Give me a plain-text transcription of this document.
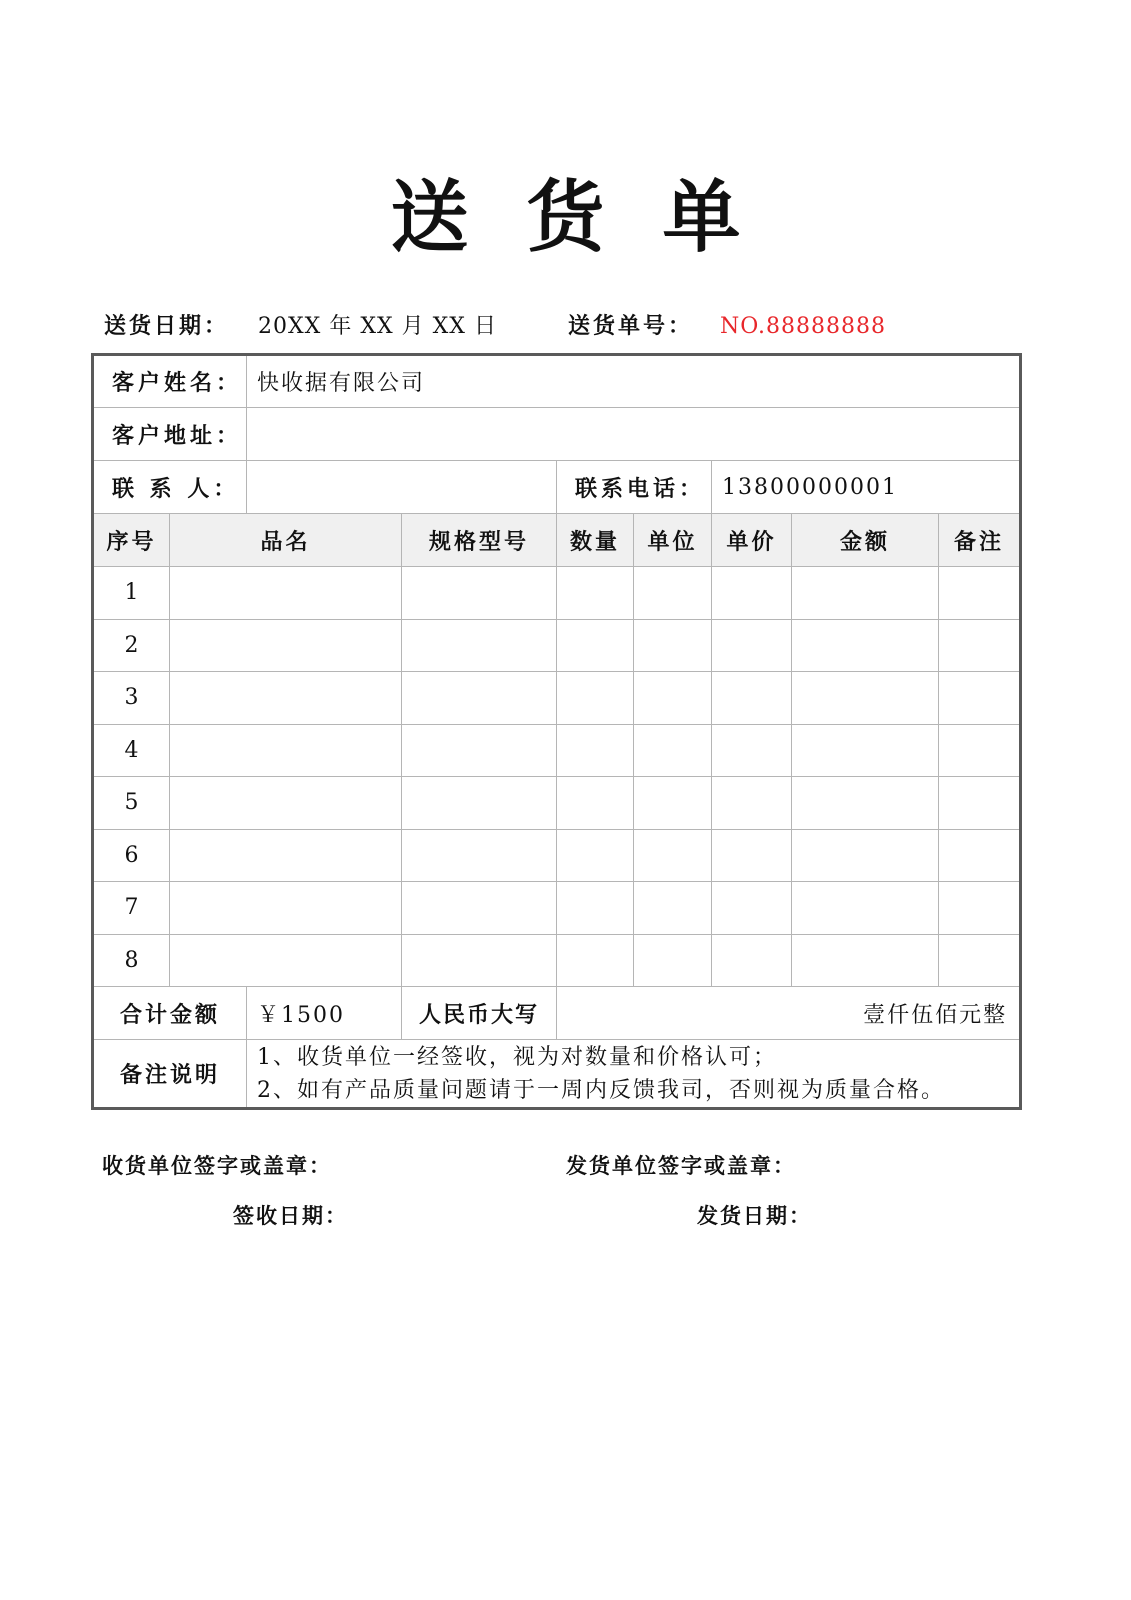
送货单
送货日期： 20XX 年 XX 月 XX 日	送货单号： NO.88888888
客户姓名：		快收据有限公司						
客户地址：								
联 系 人：				联系电话：		13800000001		
序号	品名		规格型号	数量	单位	单价	金额	备注
1								
2								
3								
4								
5								
6								
7								
8								
合计金额		￥1500	人民币大写	壹仟伍佰元整				
备注说明		1、收货单位一经签收，视为对数量和价格认可；
2、如有产品质量问题请于一周内反馈我司，否则视为质量合格。						
收货单位签字或盖章：	发货单位签字或盖章：
签收日期：	发货日期：
